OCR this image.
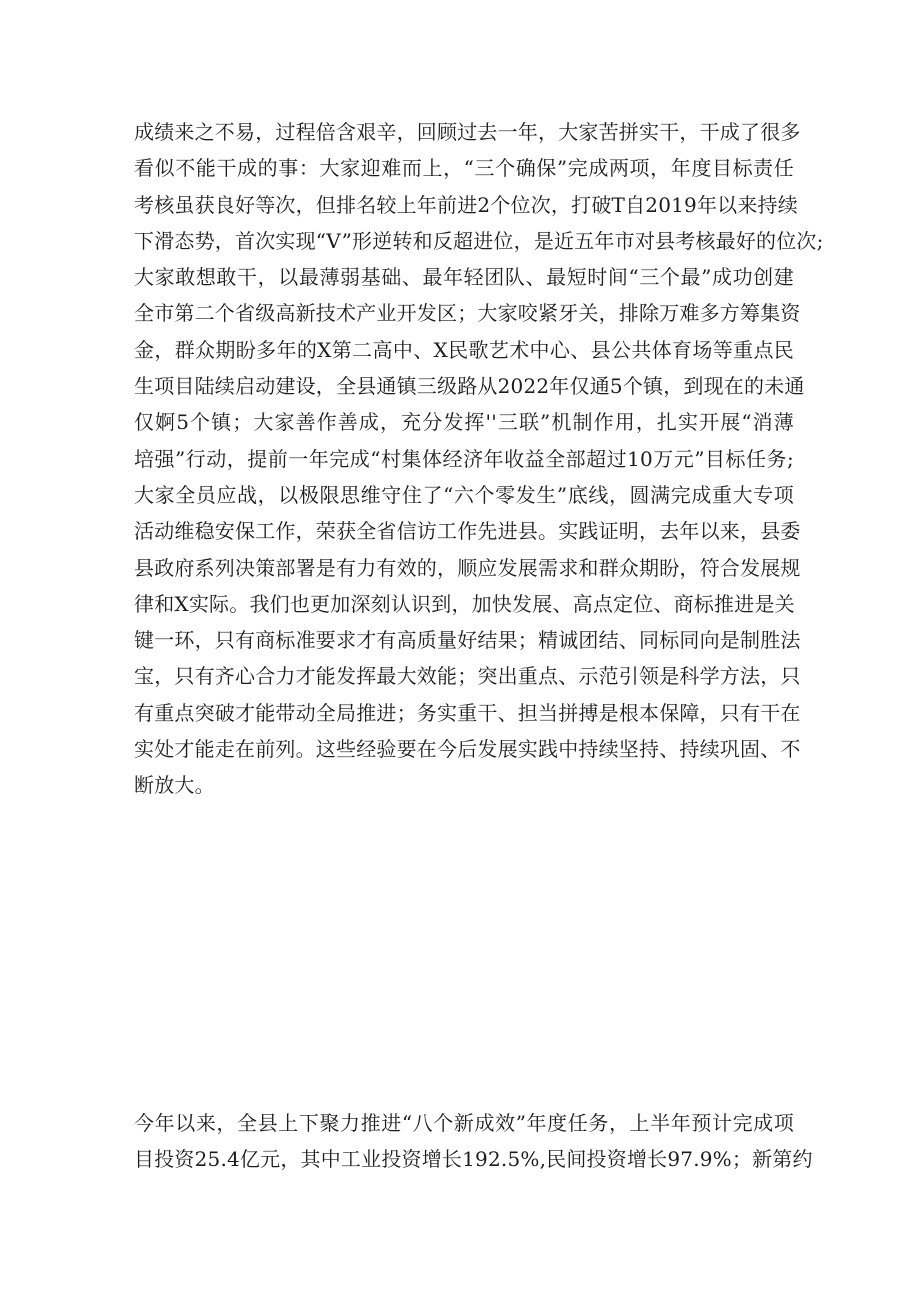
成绩来之不易，过程倍含艰辛，回顾过去一年，大家苦拼实干，干成了很多
看似不能干成的事：大家迎难而上，“三个确保”完成两项，年度目标责任
考核虽获良好等次，但排名较上年前进2个位次，打破T自2019年以来持续
下滑态势，首次实现“V”形逆转和反超进位，是近五年市对县考核最好的位次;
大家敢想敢干，以最薄弱基础、最年轻团队、最短时间“三个最”成功创建
全市第二个省级高新技术产业开发区；大家咬紧牙关，排除万难多方筹集资
金，群众期盼多年的X第二高中、X民歌艺术中心、县公共体育场等重点民
生项目陆续启动建设，全县通镇三级路从2022年仅通5个镇，到现在的未通
仅婀5个镇；大家善作善成，充分发挥''三联”机制作用，扎实开展“消薄
培强”行动，提前一年完成“村集体经济年收益全部超过10万元”目标任务;
大家全员应战，以极限思维守住了“六个零发生”底线，圆满完成重大专项
活动维稳安保工作，荣获全省信访工作先进县。实践证明，去年以来，县委
县政府系列决策部署是有力有效的，顺应发展需求和群众期盼，符合发展规
律和X实际。我们也更加深刻认识到，加快发展、高点定位、商标推进是关
键一环，只有商标准要求才有高质量好结果；精诚团结、同标同向是制胜法
宝，只有齐心合力才能发挥最大效能；突出重点、示范引领是科学方法，只
有重点突破才能带动全局推进；务实重干、担当拼搏是根本保障，只有干在
实处才能走在前列。这些经验要在今后发展实践中持续坚持、持续巩固、不
断放大。

今年以来，全县上下聚力推进“八个新成效”年度任务，上半年预计完成项
目投资25.4亿元，其中工业投资增长192.5%,民间投资增长97.9%；新第约
